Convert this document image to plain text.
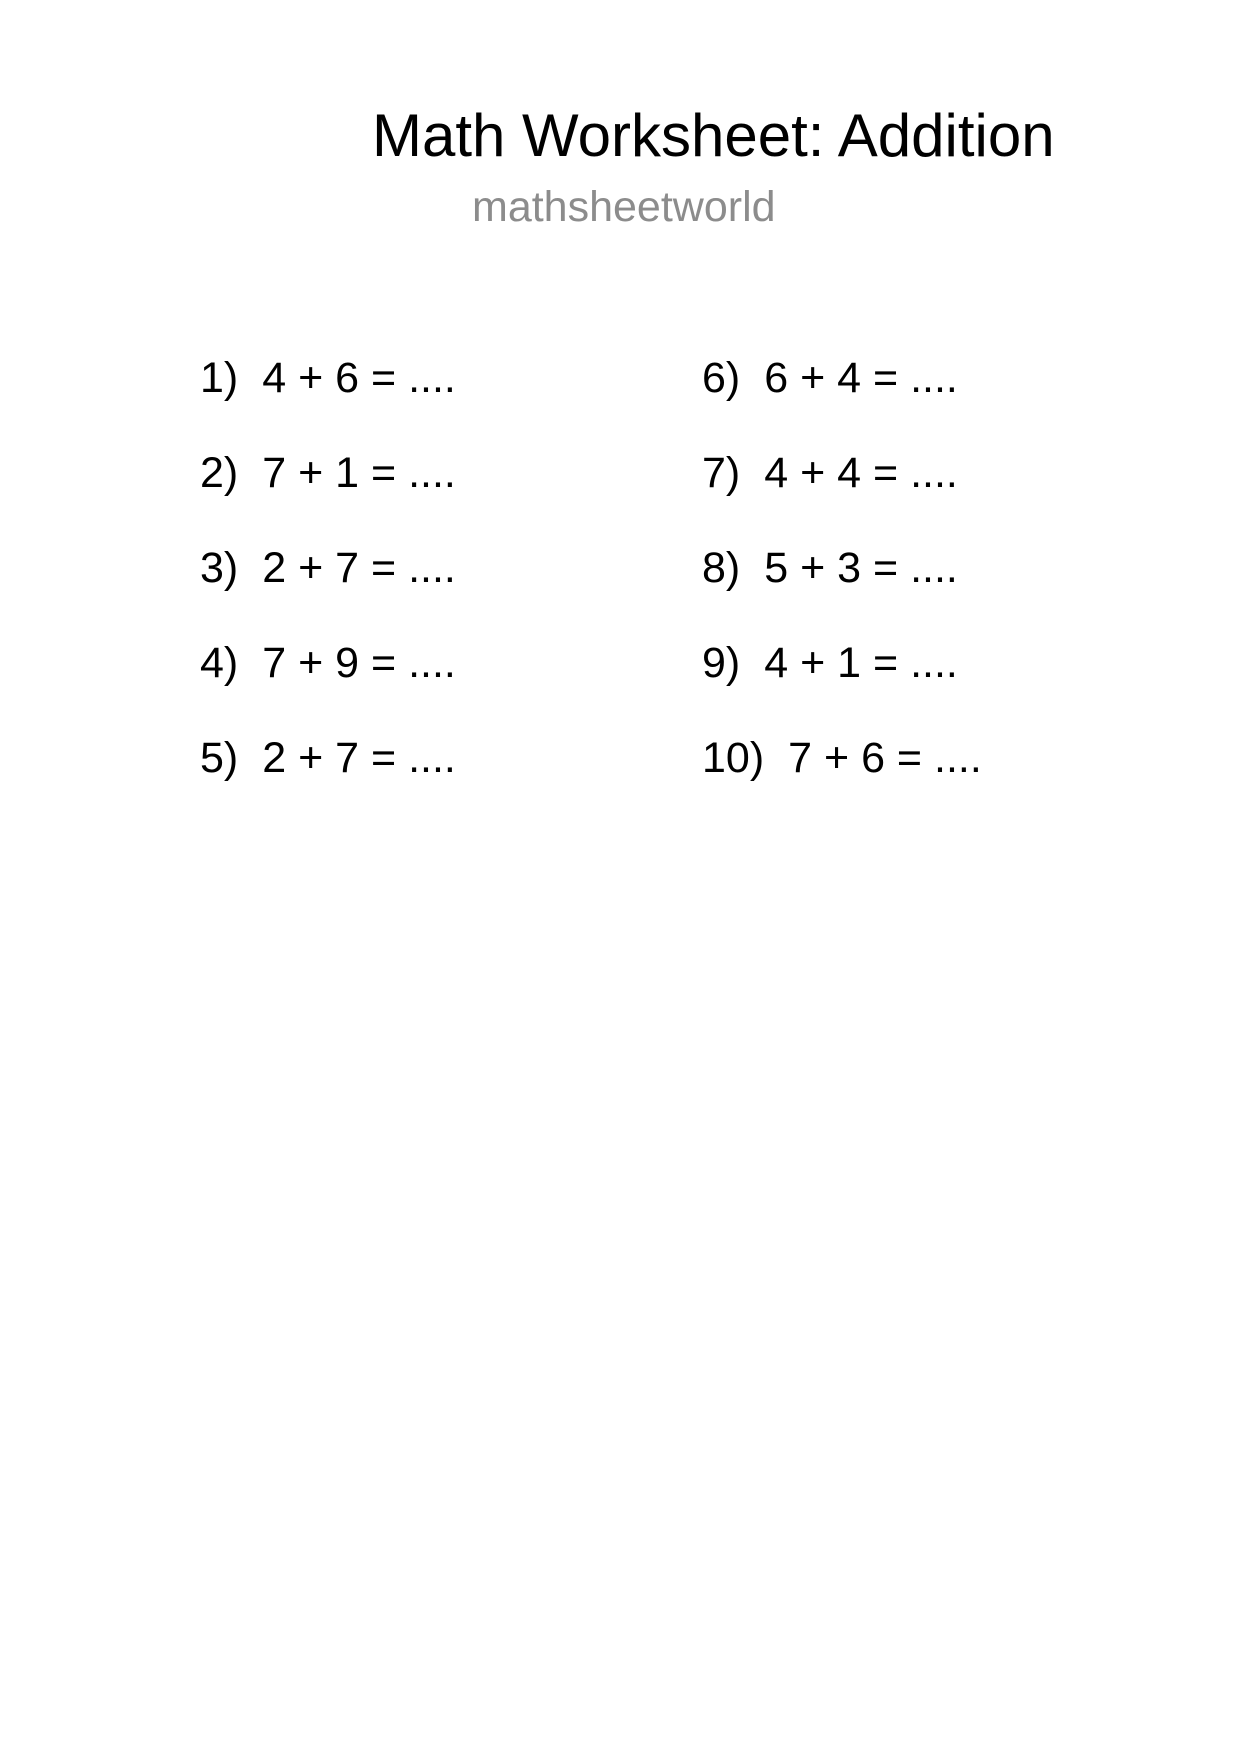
Math Worksheet: Addition
mathsheetworld
1) 4 + 6 = ....
2) 7 + 1 = ....
3) 2 + 7 = ....
4) 7 + 9 = ....
5) 2 + 7 = ....
6) 6 + 4 = ....
7) 4 + 4 = ....
8) 5 + 3 = ....
9) 4 + 1 = ....
10) 7 + 6 = ....
